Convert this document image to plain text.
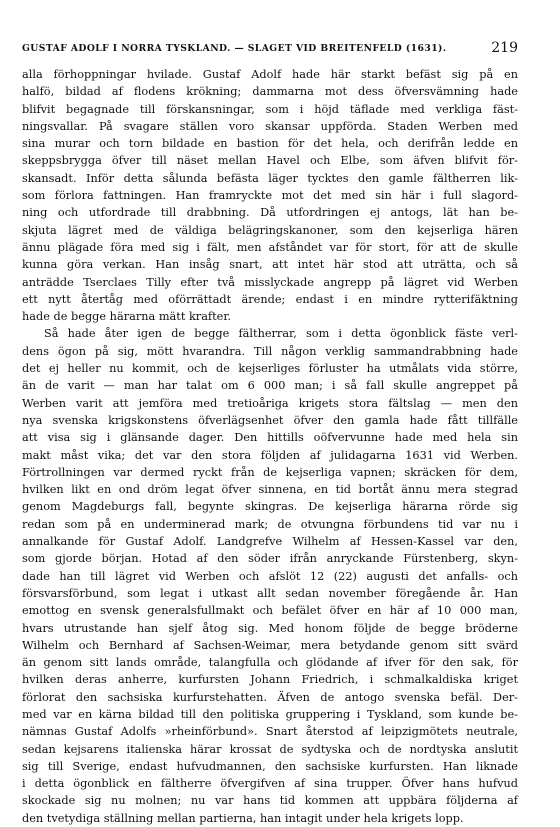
GUSTAF ADOLF I NORRA TYSKLAND. — SLAGET VID BREITENFELD (1631).	219
alla förhoppningar hvilade. Gustaf Adolf hade här starkt befäst sig på en
halfö, bildad af flodens krökning; dammarna mot dess öfversvämning hade
blifvit begagnade till förskansningar, som i höjd täflade med verkliga fäst-
ningsvallar. På svagare ställen voro skansar uppförda. Staden Werben med
sina murar och torn bildade en bastion för det hela, och derifrån ledde en
skeppsbrygga öfver till näset mellan Havel och Elbe, som äfven blifvit för-
skansadt. Inför detta sålunda befästa läger tycktes den gamle fältherren lik-
som förlora fattningen. Han framryckte mot det med sin här i full slagord-
ning och utfordrade till drabbning. Då utfordringen ej antogs, lät han be-
skjuta lägret med de väldiga belägringskanoner, som den kejserliga hären
ännu plägade föra med sig i fält, men afståndet var för stort, för att de skulle
kunna göra verkan. Han insåg snart, att intet här stod att uträtta, och så
anträdde Tserclaes Tilly efter två misslyckade angrepp på lägret vid Werben
ett nytt återtåg med oförrättadt ärende; endast i en mindre rytterifäktning
hade de begge härarna mätt krafter.
Så hade åter igen de begge fältherrar, som i detta ögonblick fäste verl-
dens ögon på sig, mött hvarandra. Till någon verklig sammandrabbning hade
det ej heller nu kommit, och de kejserliges förluster ha utmålats vida större,
än de varit — man har talat om 6 000 man; i så fall skulle angreppet på
Werben varit att jemföra med tretioåriga krigets stora fältslag — men den
nya svenska krigskonstens öfverlägsenhet öfver den gamla hade fått tillfälle
att visa sig i glänsande dager. Den hittills oöfvervunne hade med hela sin
makt måst vika; det var den stora följden af julidagarna 1631 vid Werben.
Förtrollningen var dermed ryckt från de kejserliga vapnen; skräcken för dem,
hvilken likt en ond dröm legat öfver sinnena, en tid bortåt ännu mera stegrad
genom Magdeburgs fall, begynte skingras. De kejserliga härarna rörde sig
redan som på en underminerad mark; de otvungna förbundens tid var nu i
annalkande för Gustaf Adolf. Landgrefve Wilhelm af Hessen-Kassel var den,
som gjorde början. Hotad af den söder ifrån anryckande Fürstenberg, skyn-
dade han till lägret vid Werben och afslöt 12 (22) augusti det anfalls- och
försvarsförbund, som legat i utkast allt sedan november föregående år. Han
emottog en svensk generalsfullmakt och befälet öfver en här af 10 000 man,
hvars utrustande han sjelf åtog sig. Med honom följde de begge bröderne
Wilhelm och Bernhard af Sachsen-Weimar, mera betydande genom sitt svärd
än genom sitt lands område, talangfulla och glödande af ifver för den sak, för
hvilken deras anherre, kurfursten Johann Friedrich, i schmalkaldiska kriget
förlorat den sachsiska kurfurstehatten. Äfven de antogo svenska befäl. Der-
med var en kärna bildad till den politiska gruppering i Tyskland, som kunde be-
nämnas Gustaf Adolfs »rheinförbund». Snart återstod af leipzigmötets neutrale,
sedan kejsarens italienska härar krossat de sydtyska och de nordtyska anslutit
sig till Sverige, endast hufvudmannen, den sachsiske kurfursten. Han liknade
i detta ögonblick en fältherre öfvergifven af sina trupper. Öfver hans hufvud
skockade sig nu molnen; nu var hans tid kommen att uppbära följderna af
den tvetydiga ställning mellan partierna, han intagit under hela krigets lopp.
